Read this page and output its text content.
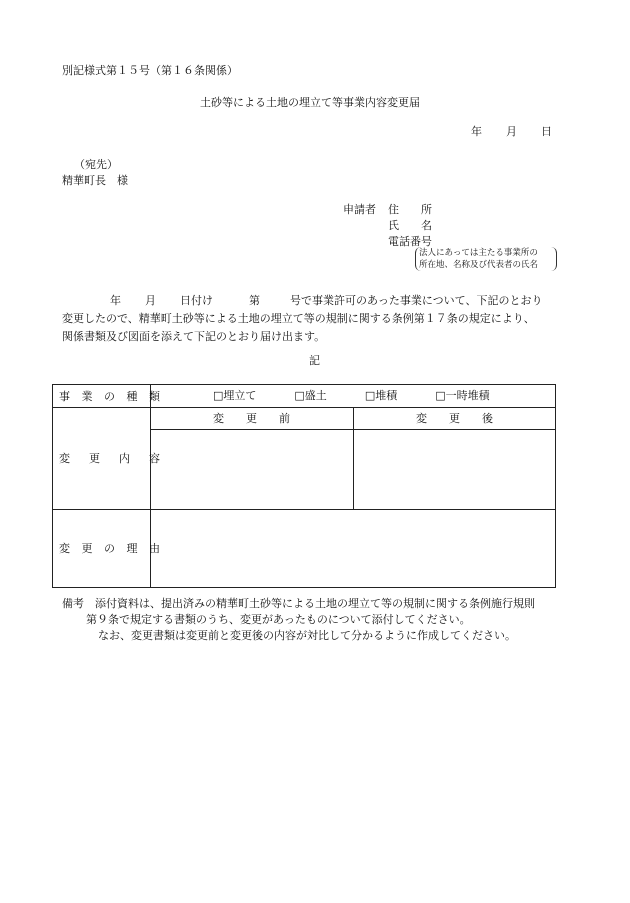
別記様式第１５号（第１６条関係）
土砂等による土地の埋立て等事業内容変更届
年 月 日
（宛先）
精華町長　様
申請者 住　　所
氏　　名
電話番号
法人にあっては主たる事業所の
所在地、名称及び代表者の氏名
年 月 日付け	第	号で事業許可のあった事業について、下記のとおり
変更したので、精華町土砂等による土地の埋立て等の規制に関する条例第１７条の規定により、
関係書類及び図面を添えて下記のとおり届け出ます。
記
事 業 の 種 類	□埋立て	□盛土	□堆積	□一時堆積
変　更　内　容
変　　更　　前	変　　更　　後
変 更 の 理 由
備考　 添付資料は、提出済みの精華町土砂等による土地の埋立て等の規制に関する条例施行規則
第９条で規定する書類のうち、変更があったものについて添付してください。
なお、変更書類は変更前と変更後の内容が対比して分かるように作成してください。
